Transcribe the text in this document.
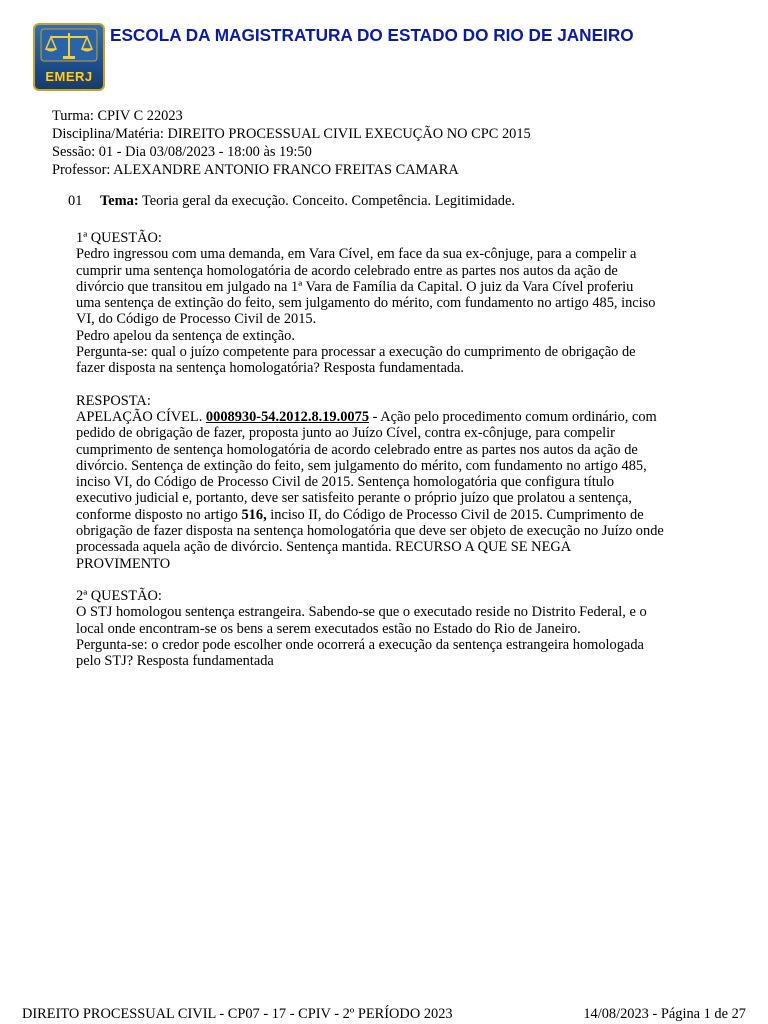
EMERJ
ESCOLA DA MAGISTRATURA DO ESTADO DO RIO DE JANEIRO
Turma: CPIV C 22023
Disciplina/Matéria: DIREITO PROCESSUAL CIVIL EXECUÇÃO NO CPC 2015
Sessão: 01 - Dia 03/08/2023 - 18:00 às 19:50
Professor: ALEXANDRE ANTONIO FRANCO FREITAS CAMARA
01 Tema: Teoria geral da execução. Conceito. Competência. Legitimidade.

1ª QUESTÃO:

Pedro ingressou com uma demanda, em Vara Cível, em face da sua ex-cônjuge, para a compelir a

cumprir uma sentença homologatória de acordo celebrado entre as partes nos autos da ação de

divórcio que transitou em julgado na 1ª Vara de Família da Capital. O juiz da Vara Cível proferiu

uma sentença de extinção do feito, sem julgamento do mérito, com fundamento no artigo 485, inciso

VI, do Código de Processo Civil de 2015.

Pedro apelou da sentença de extinção.

Pergunta-se: qual o juízo competente para processar a execução do cumprimento de obrigação de

fazer disposta na sentença homologatória? Resposta fundamentada.

RESPOSTA:

APELAÇÃO CÍVEL. 0008930-54.2012.8.19.0075 - Ação pelo procedimento comum ordinário, com

pedido de obrigação de fazer, proposta junto ao Juízo Cível, contra ex-cônjuge, para compelir

cumprimento de sentença homologatória de acordo celebrado entre as partes nos autos da ação de

divórcio. Sentença de extinção do feito, sem julgamento do mérito, com fundamento no artigo 485,

inciso VI, do Código de Processo Civil de 2015. Sentença homologatória que configura título

executivo judicial e, portanto, deve ser satisfeito perante o próprio juízo que prolatou a sentença,

conforme disposto no artigo 516, inciso II, do Código de Processo Civil de 2015. Cumprimento de

obrigação de fazer disposta na sentença homologatória que deve ser objeto de execução no Juízo onde

processada aquela ação de divórcio. Sentença mantida. RECURSO A QUE SE NEGA

PROVIMENTO

2ª QUESTÃO:

O STJ homologou sentença estrangeira. Sabendo-se que o executado reside no Distrito Federal, e o

local onde encontram-se os bens a serem executados estão no Estado do Rio de Janeiro.

Pergunta-se: o credor pode escolher onde ocorrerá a execução da sentença estrangeira homologada

pelo STJ? Resposta fundamentada

DIREITO PROCESSUAL CIVIL - CP07 - 17 - CPIV - 2º PERÍODO 2023	14/08/2023 - Página 1 de 27
